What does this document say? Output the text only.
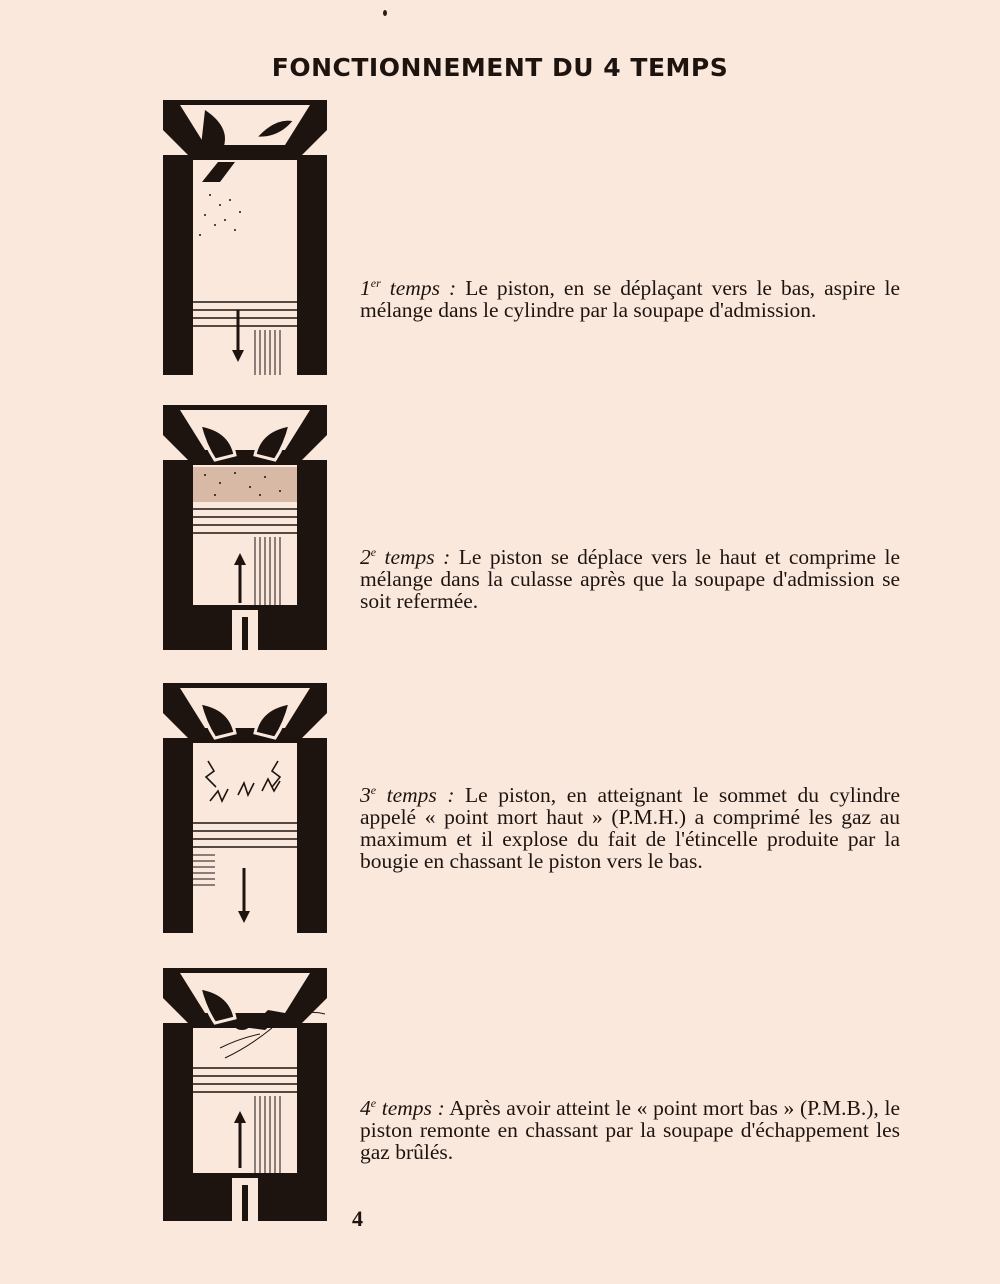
FONCTIONNEMENT DU 4 TEMPS

1er temps : Le piston, en se déplaçant vers le bas, aspire le mélange dans le cylindre par la soupape d'admission.

2e temps : Le piston se déplace vers le haut et comprime le mélange dans la culasse après que la soupape d'admission se soit refermée.

3e temps : Le piston, en atteignant le sommet du cylindre appelé « point mort haut » (P.M.H.) a comprimé les gaz au maximum et il explose du fait de l'étincelle produite par la bougie en chassant le piston vers le bas.

4e temps : Après avoir atteint le « point mort bas » (P.M.B.), le piston remonte en chassant par la soupape d'échappement les gaz brûlés.

4
